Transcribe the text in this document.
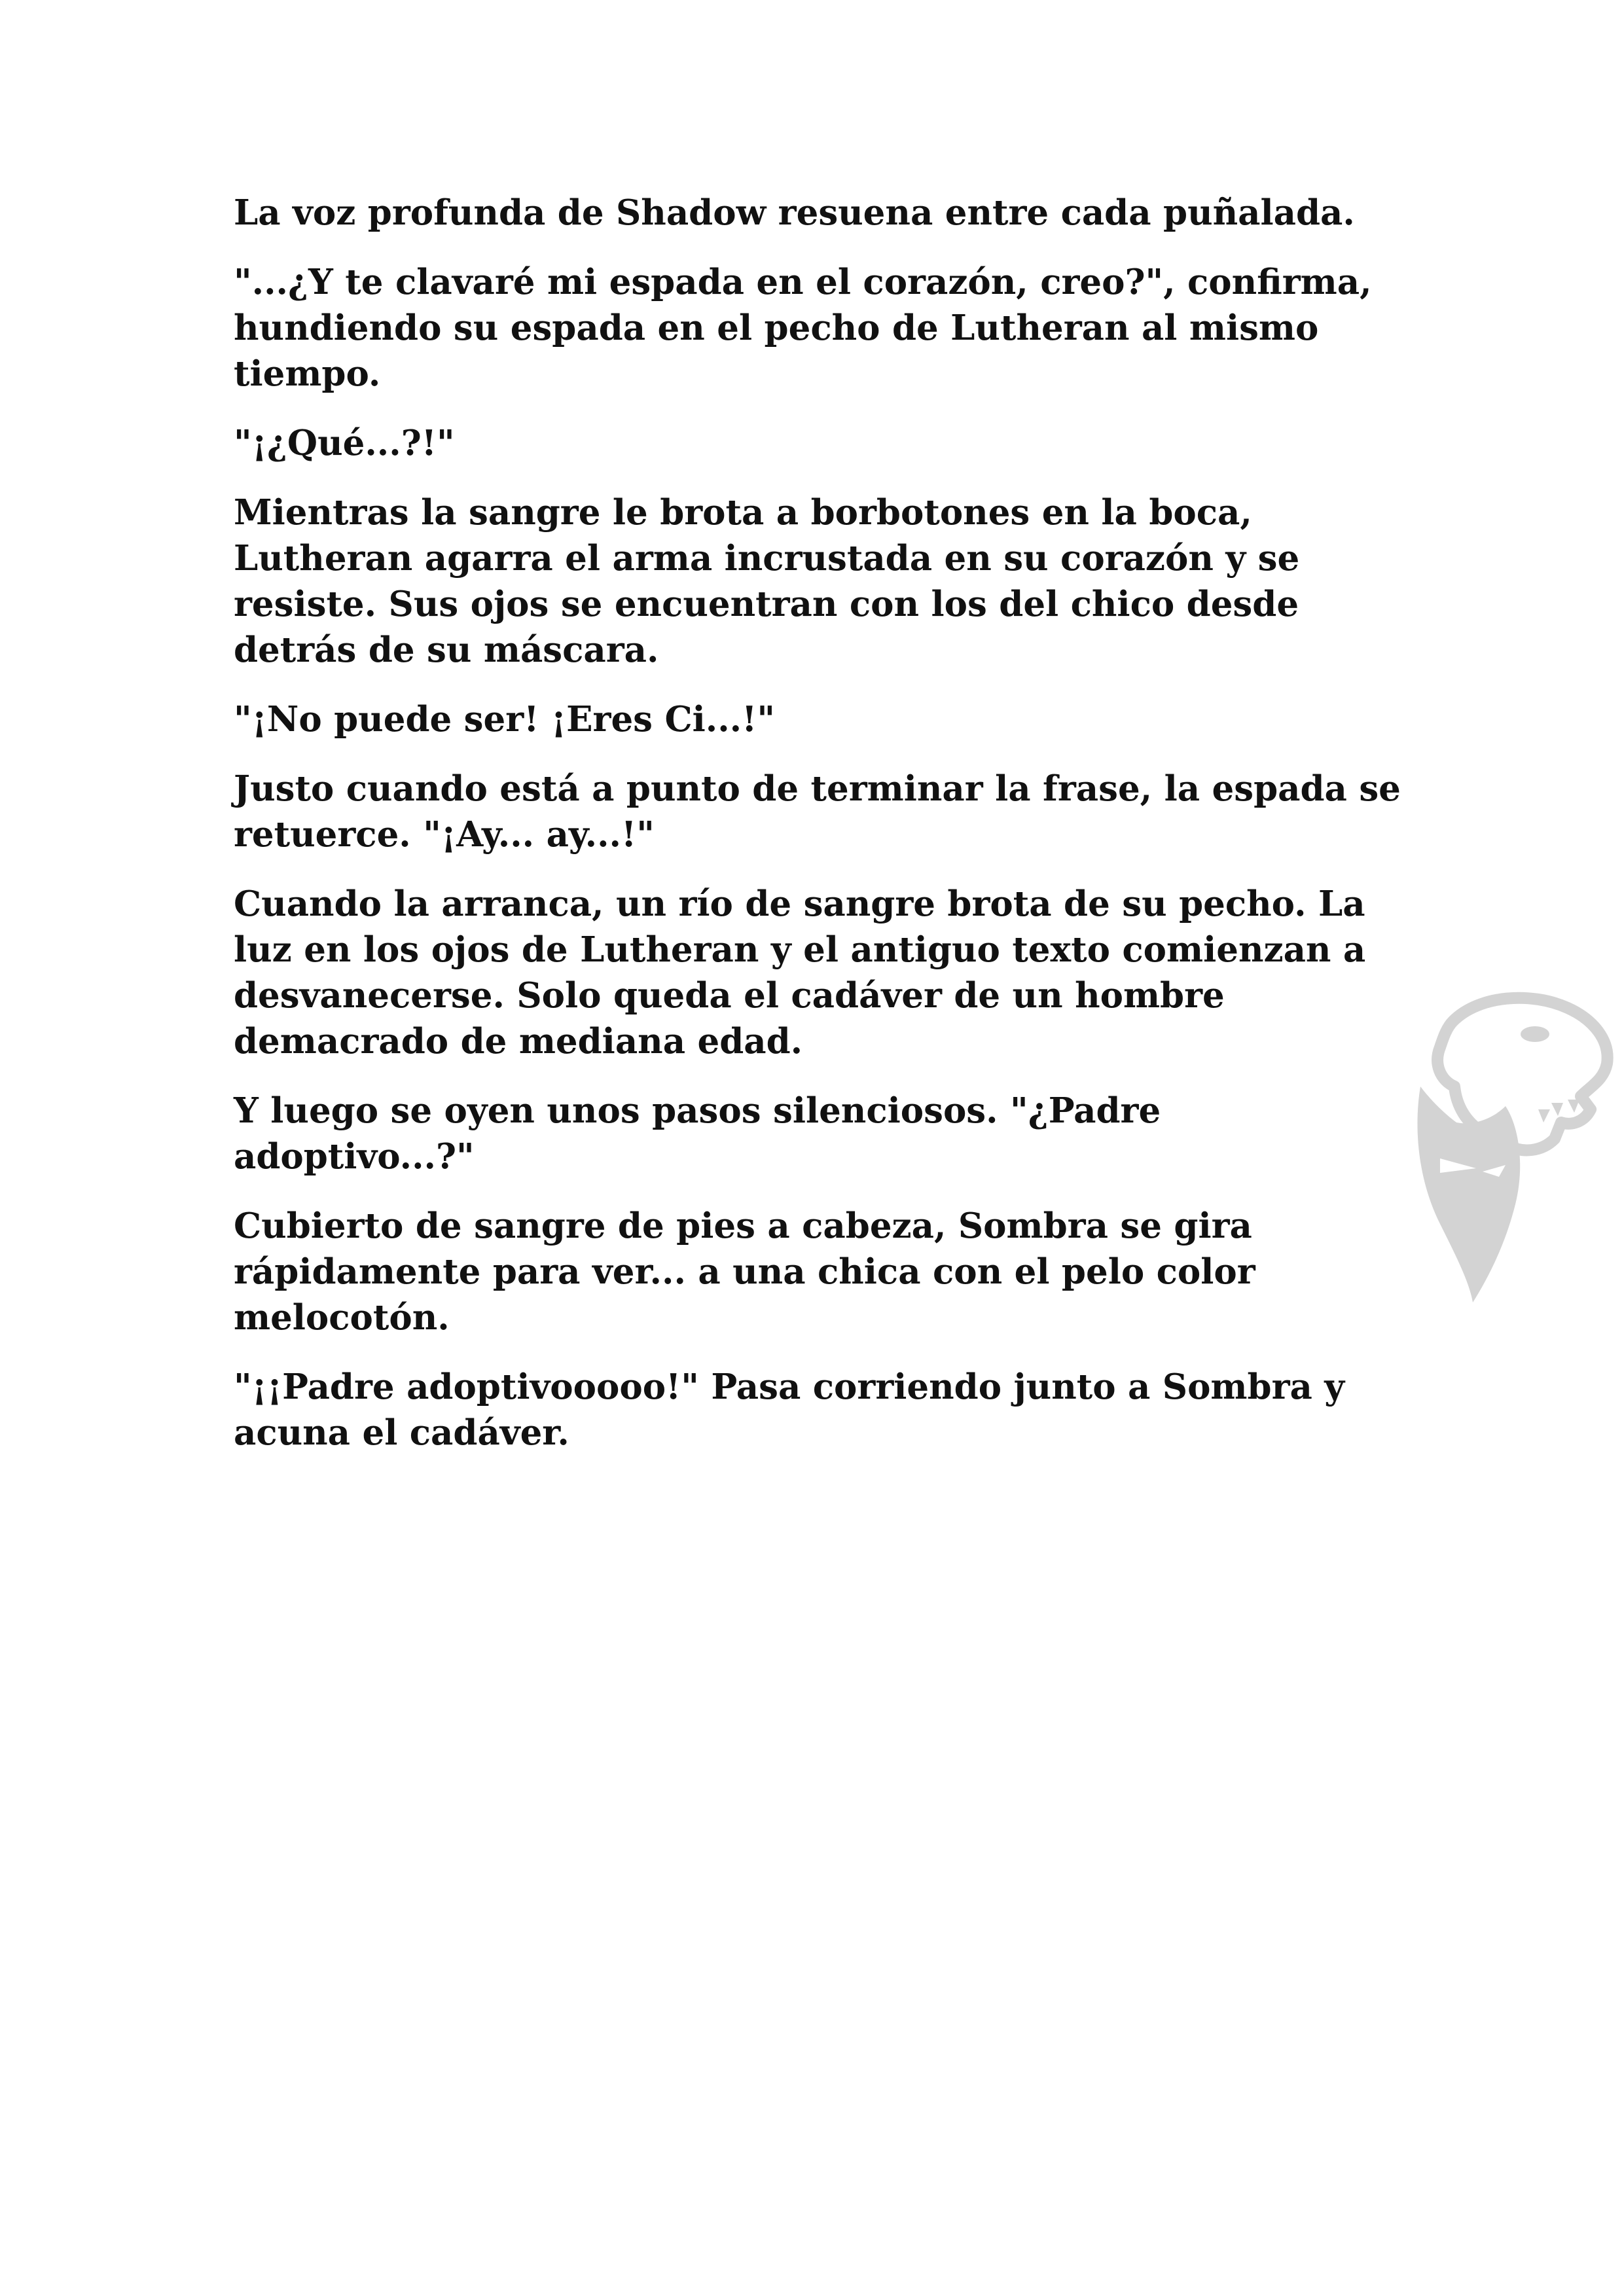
La voz profunda de Shadow resuena entre cada puñalada.

"...¿Y te clavaré mi espada en el corazón, creo?", confirma, hundiendo su espada en el pecho de Lutheran al mismo tiempo.

"¡¿Qué...?!"

Mientras la sangre le brota a borbotones en la boca, Lutheran agarra el arma incrustada en su corazón y se resiste. Sus ojos se encuentran con los del chico desde detrás de su máscara.

"¡No puede ser! ¡Eres Ci...!"

Justo cuando está a punto de terminar la frase, la espada se retuerce. "¡Ay... ay...!"

Cuando la arranca, un río de sangre brota de su pecho. La luz en los ojos de Lutheran y el antiguo texto comienzan a desvanecerse. Solo queda el cadáver de un hombre demacrado de mediana edad.

Y luego se oyen unos pasos silenciosos. "¿Padre adoptivo...?"

Cubierto de sangre de pies a cabeza, Sombra se gira rápidamente para ver... a una chica con el pelo color melocotón.

"¡¡Padre adoptivooooo!" Pasa corriendo junto a Sombra y acuna el cadáver.
